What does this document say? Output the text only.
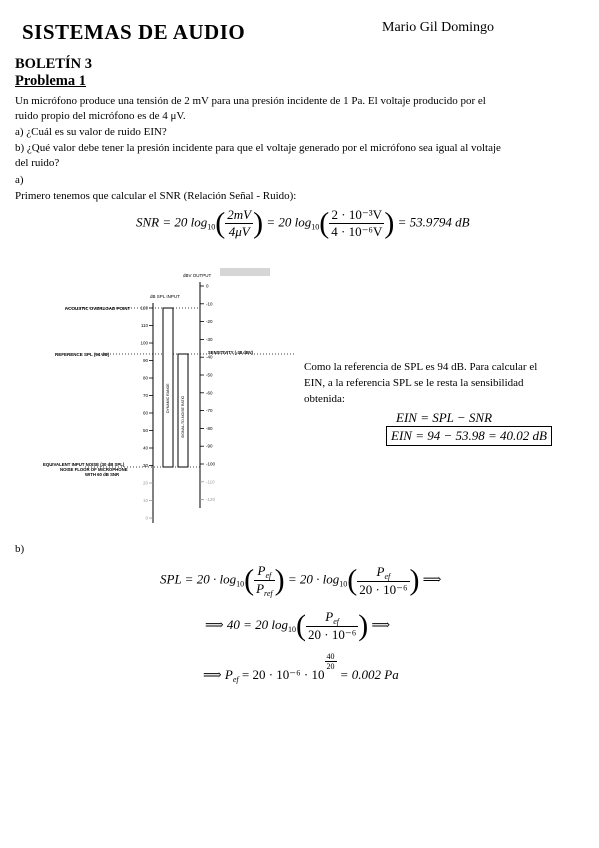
SISTEMAS DE AUDIO	Mario Gil Domingo
BOLETÍN 3
Problema 1
Un micrófono produce una tensión de 2 mV para una presión incidente de 1 Pa. El voltaje producido por el
ruido propio del micrófono es de 4 μV.
a) ¿Cuál es su valor de ruido EIN?
b) ¿Qué valor debe tener la presión incidente para que el voltaje generado por el micrófono sea igual al voltaje
del ruido?
a)
Primero tenemos que calcular el SNR (Relación Señal - Ruido):
SNR = 20 $\log_{10}( \frac{2mV}{4\mu V}$ ) = 20 $\log_{10}( \frac{\text{2 · 10⁻³V}}{\text{4 · 10⁻⁶V}}$ ) = 53.9794 dB
dBV OUTPUT
dB SPL INPUT
120
110
100
90
80
70
60
50
40
30
20
10
0
0
-10
-20
-30
-40
-50
-60
-70
-80
-90
-100
-110
-120
DYNAMIC RANGE	SIGNAL-TO-NOISE RATIO
ACOUSTIC OVERLOAD POINT
REFERENCE SPL (94 dB)	SENSITIVITY (-38 dBV)
EQUIVALENT INPUT NOISE (30 dB SPL)
NOISE FLOOR OF MICROPHONE
WITH 60 dB SNR
Como la referencia de SPL es 94 dB. Para calcular el
EIN, a la referencia SPL se le resta la sensibilidad
obtenida:
EIN = SPL − SNR
EIN = 94 − 53.98 = 40.02 dB
b)
SPL = $20 \cdot \log_{10}( \frac{P_{ef}}{P_{ref}}$ ) = $20 \cdot \log_{10}( \frac{P_{ef}}{\text{20 · 10⁻⁶}}$ ) ⟹
⟹ 40 = 20 $\log_{10}( \frac{P_{ef}}{\text{20 · 10⁻⁶}}$ ) ⟹
⟹ $P_{ef} = 20 \cdot 10^{-6} \cdot 10$
$\frac{40}{20}$
= 0.002 Pa
